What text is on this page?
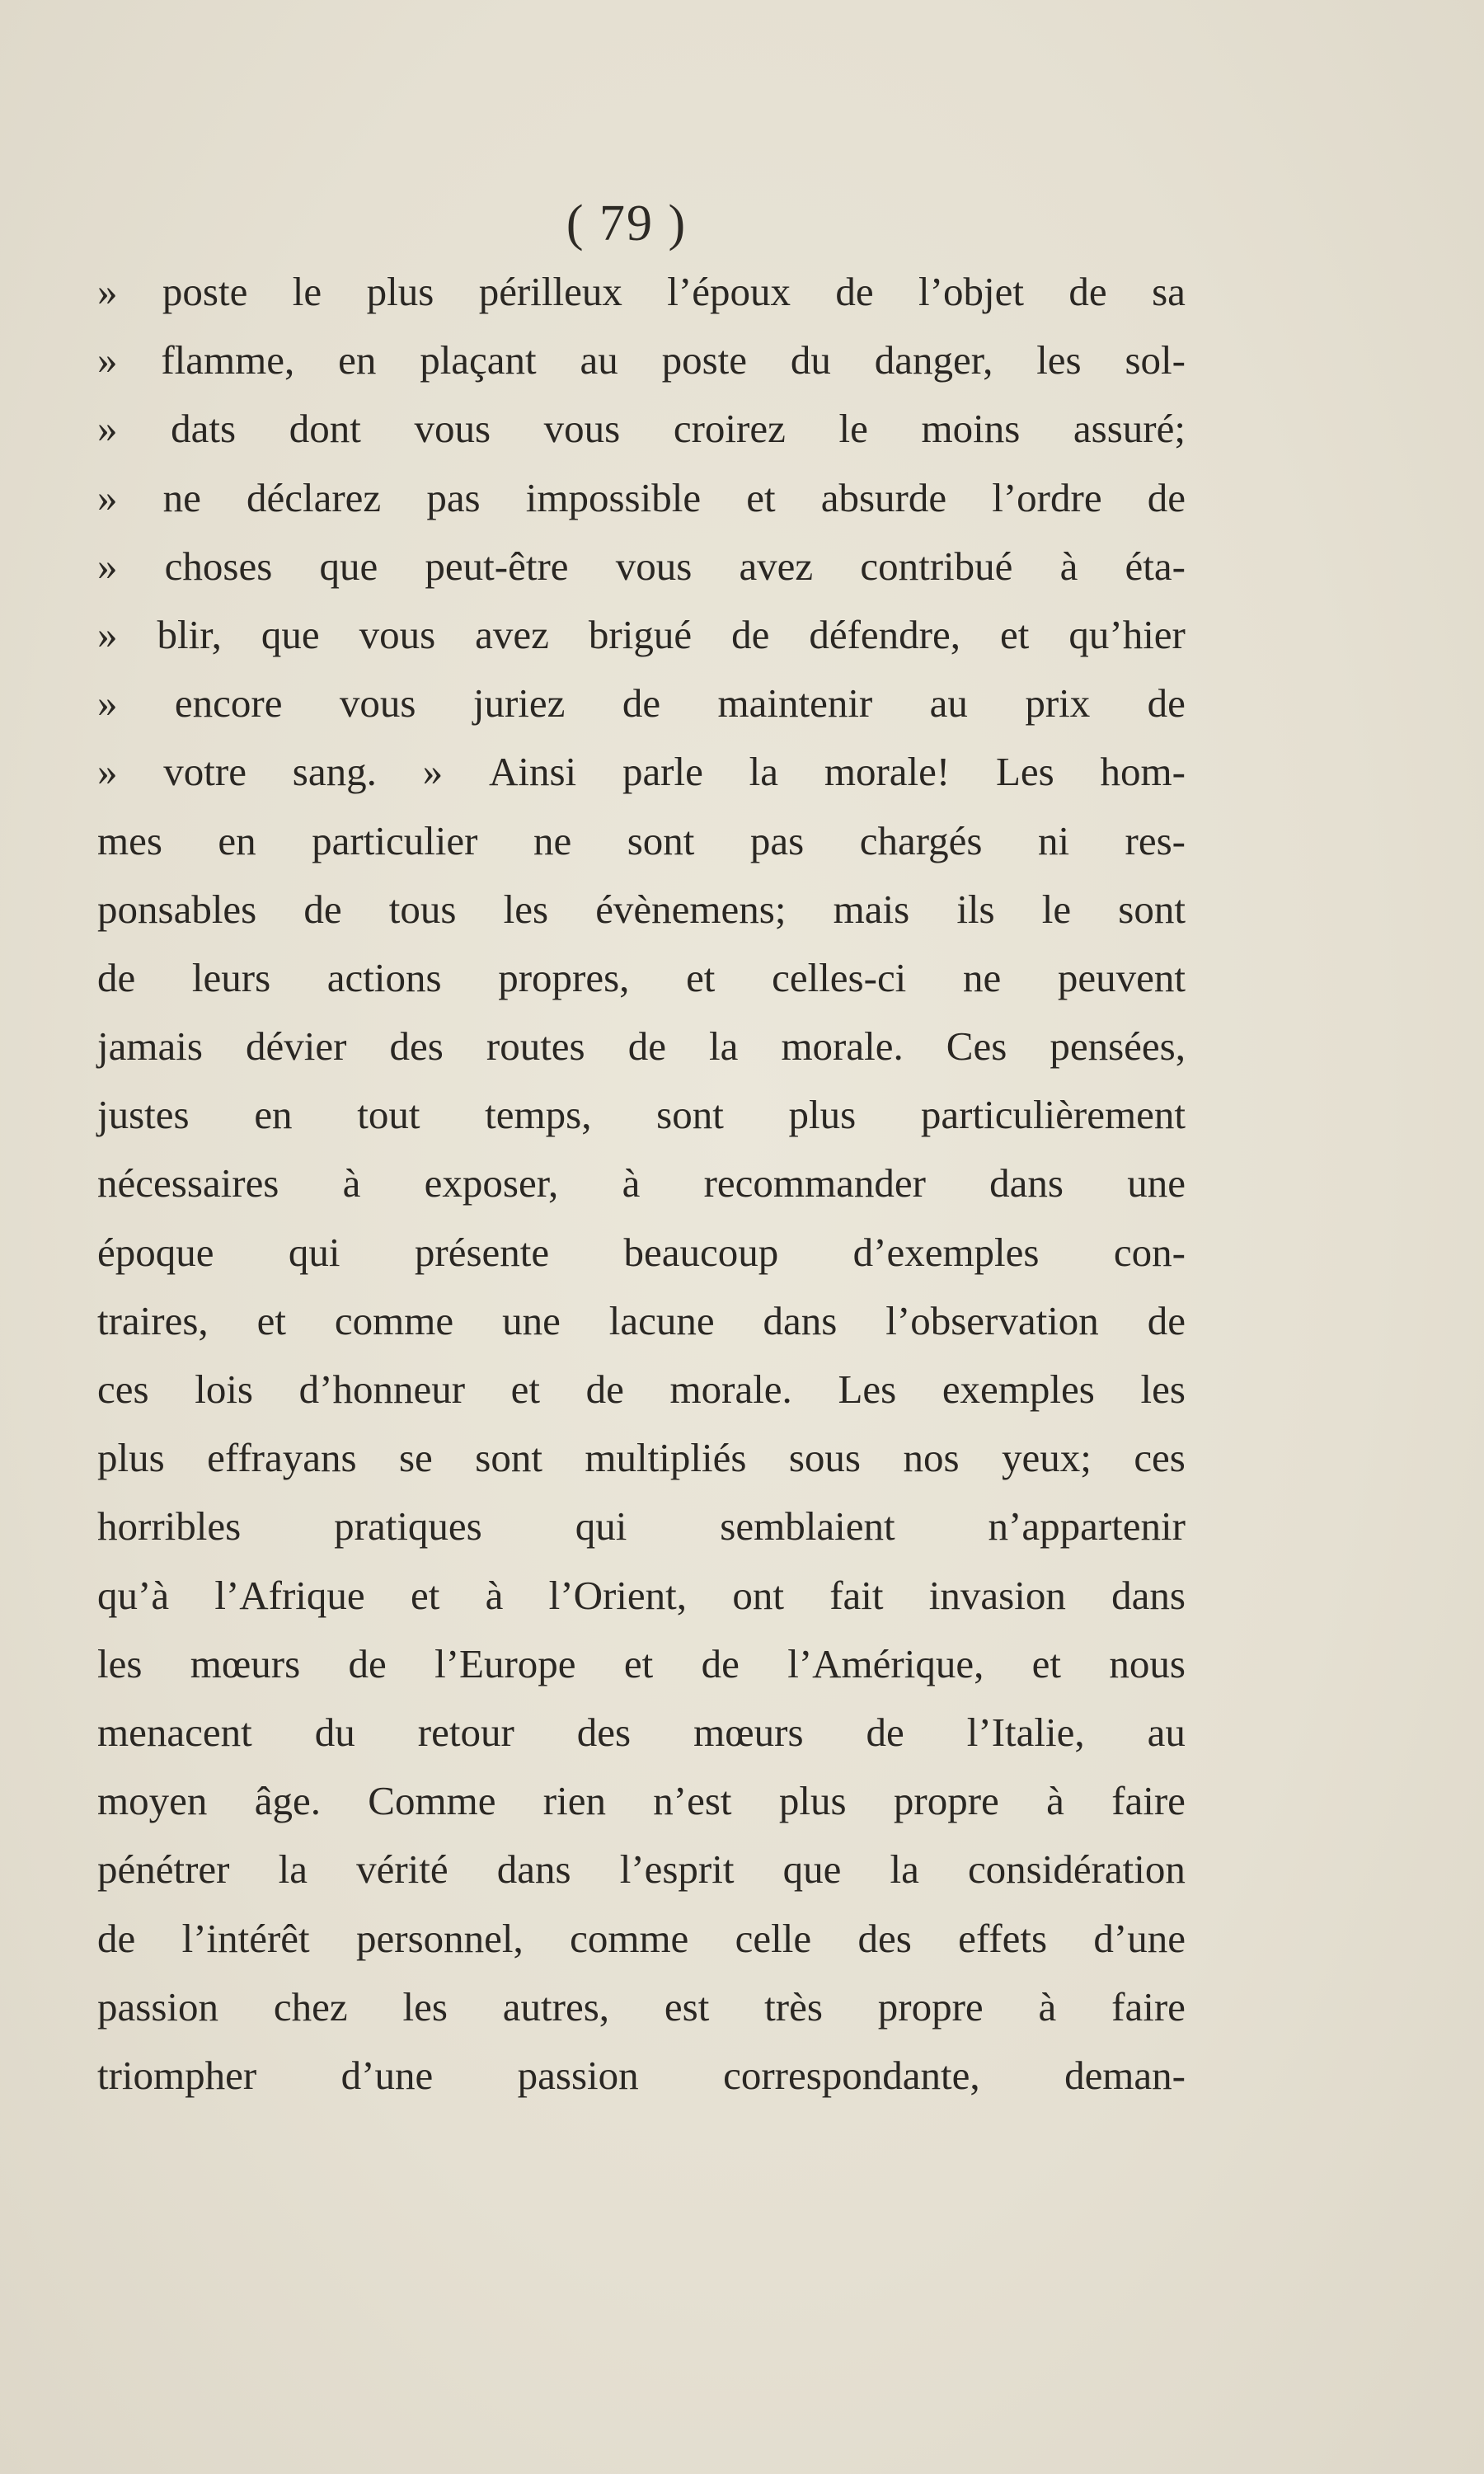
( 79 )
» poste le plus périlleux l’époux de l’objet de sa
» flamme, en plaçant au poste du danger, les sol-
» dats dont vous vous croirez le moins assuré;
» ne déclarez pas impossible et absurde l’ordre de
» choses que peut-être vous avez contribué à éta-
» blir, que vous avez brigué de défendre, et qu’hier
» encore vous juriez de maintenir au prix de
» votre sang. » Ainsi parle la morale! Les hom-
mes en particulier ne sont pas chargés ni res-
ponsables de tous les évènemens; mais ils le sont
de leurs actions propres, et celles-ci ne peuvent
jamais dévier des routes de la morale. Ces pensées,
justes en tout temps, sont plus particulièrement
nécessaires à exposer, à recommander dans une
époque qui présente beaucoup d’exemples con-
traires, et comme une lacune dans l’observation de
ces lois d’honneur et de morale. Les exemples les
plus effrayans se sont multipliés sous nos yeux; ces
horribles pratiques qui semblaient n’appartenir
qu’à l’Afrique et à l’Orient, ont fait invasion dans
les mœurs de l’Europe et de l’Amérique, et nous
menacent du retour des mœurs de l’Italie, au
moyen âge. Comme rien n’est plus propre à faire
pénétrer la vérité dans l’esprit que la considération
de l’intérêt personnel, comme celle des effets d’une
passion chez les autres, est très propre à faire
triompher d’une passion correspondante, deman-
